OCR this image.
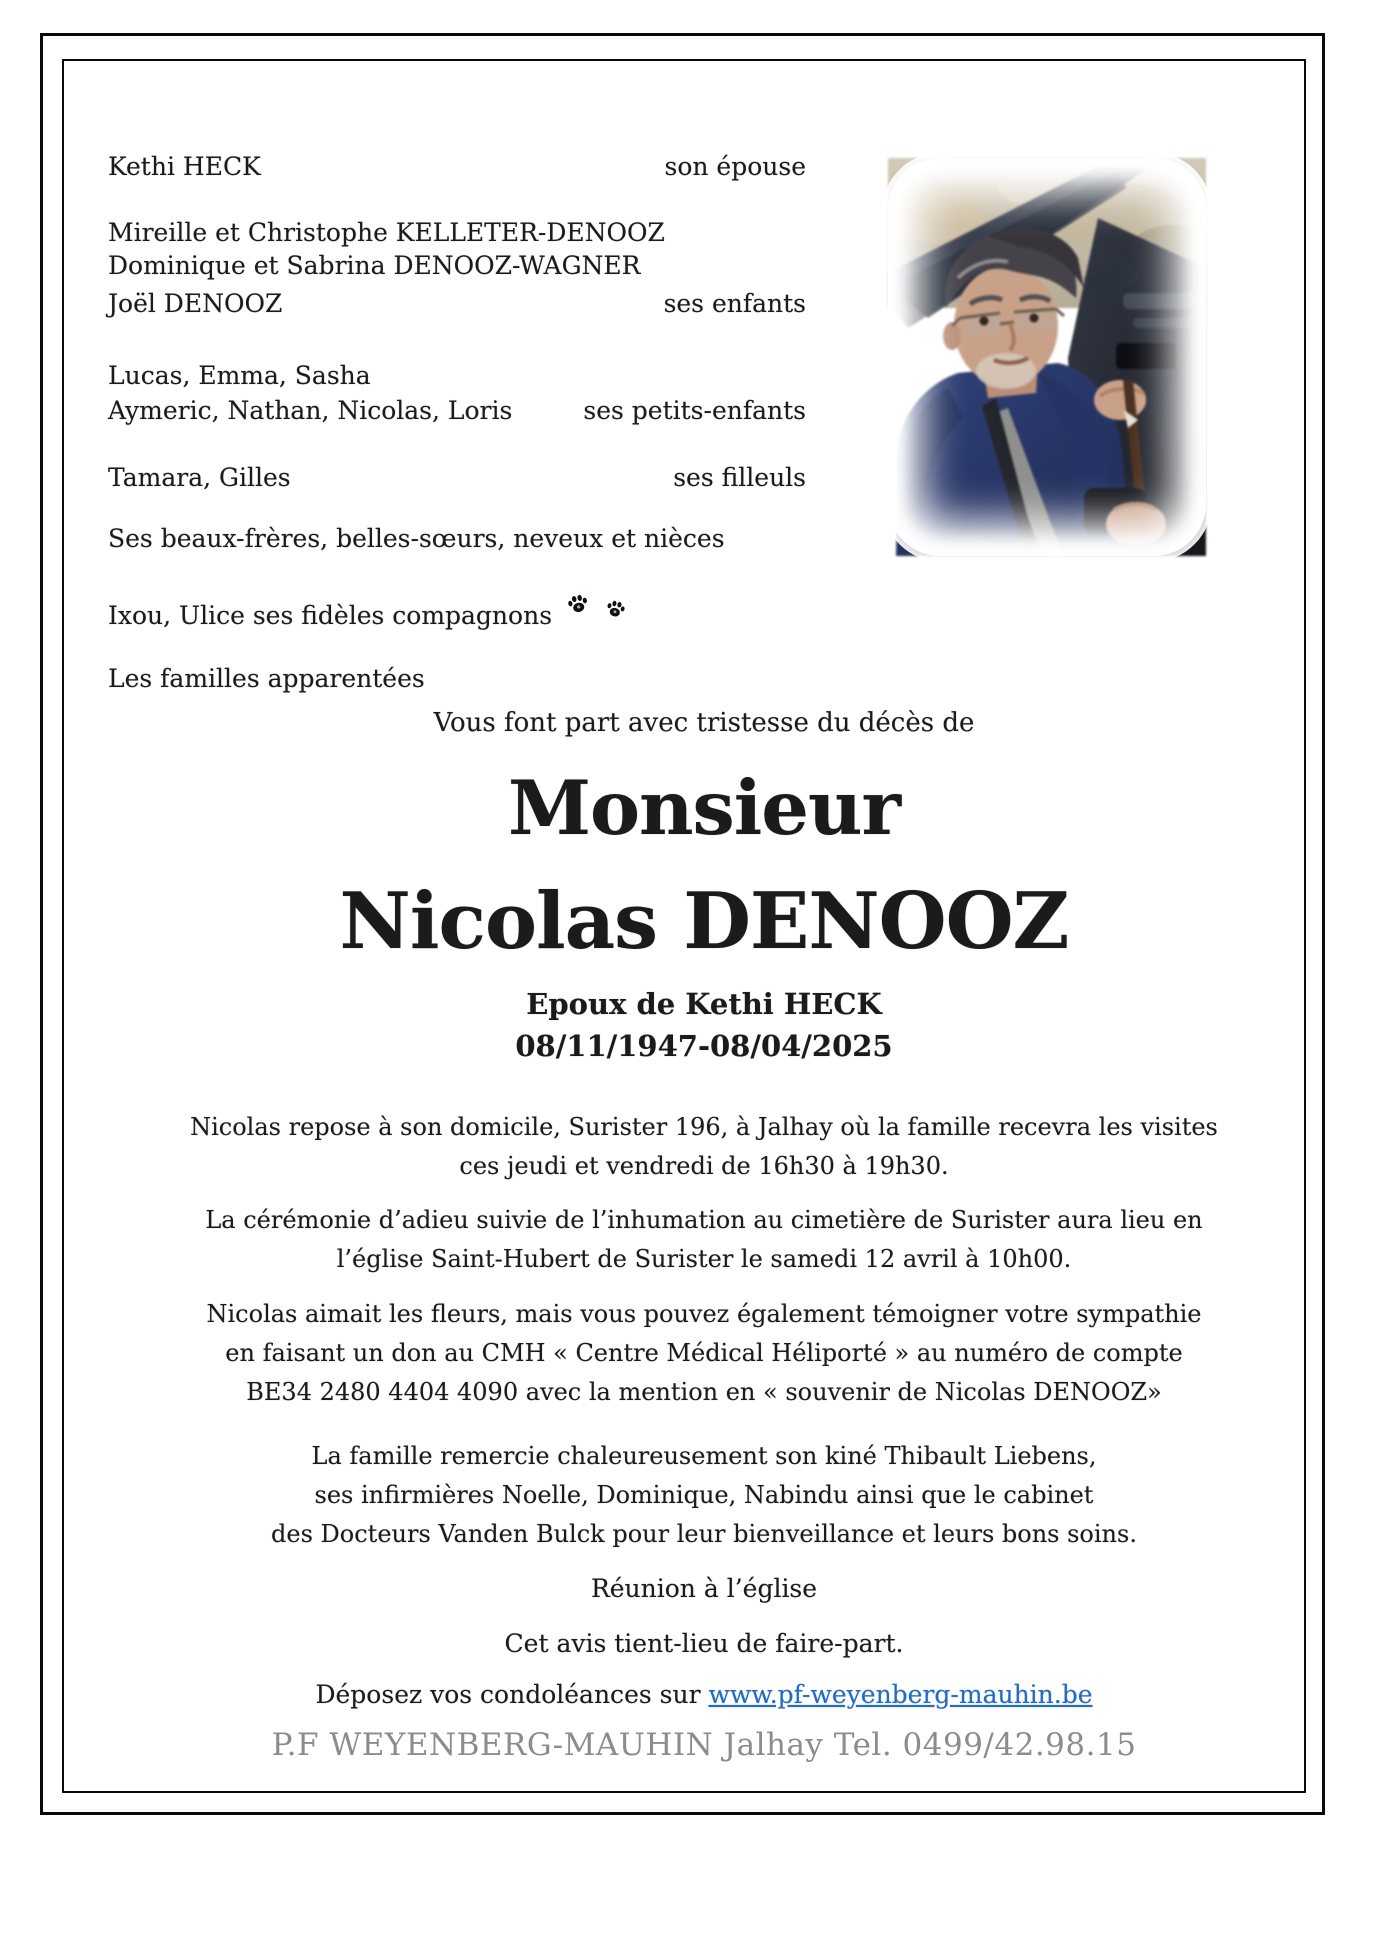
Kethi HECK	son épouse
Mireille et Christophe KELLETER-DENOOZ
Dominique et Sabrina DENOOZ-WAGNER
Joël DENOOZ	ses enfants
Lucas, Emma, Sasha
Aymeric, Nathan, Nicolas, Loris	ses petits-enfants
Tamara, Gilles	ses filleuls
Ses beaux-frères, belles-sœurs, neveux et nièces
Ixou, Ulice ses fidèles compagnons
Les familles apparentées
Vous font part avec tristesse du décès de
Monsieur
Nicolas DENOOZ
Epoux de Kethi HECK
08/11/1947-08/04/2025
Nicolas repose à son domicile, Surister 196, à Jalhay où la famille recevra les visites
ces jeudi et vendredi de 16h30 à 19h30.
La cérémonie d’adieu suivie de l’inhumation au cimetière de Surister aura lieu en
l’église Saint-Hubert de Surister le samedi 12 avril à 10h00.
Nicolas aimait les fleurs, mais vous pouvez également témoigner votre sympathie
en faisant un don au CMH « Centre Médical Héliporté » au numéro de compte
BE34 2480 4404 4090 avec la mention en « souvenir de Nicolas DENOOZ»
La famille remercie chaleureusement son kiné Thibault Liebens,
ses infirmières Noelle, Dominique, Nabindu ainsi que le cabinet
des Docteurs Vanden Bulck pour leur bienveillance et leurs bons soins.
Réunion à l’église
Cet avis tient-lieu de faire-part.
Déposez vos condoléances sur www.pf-weyenberg-mauhin.be
P.F WEYENBERG-MAUHIN Jalhay Tel. 0499/42.98.15
